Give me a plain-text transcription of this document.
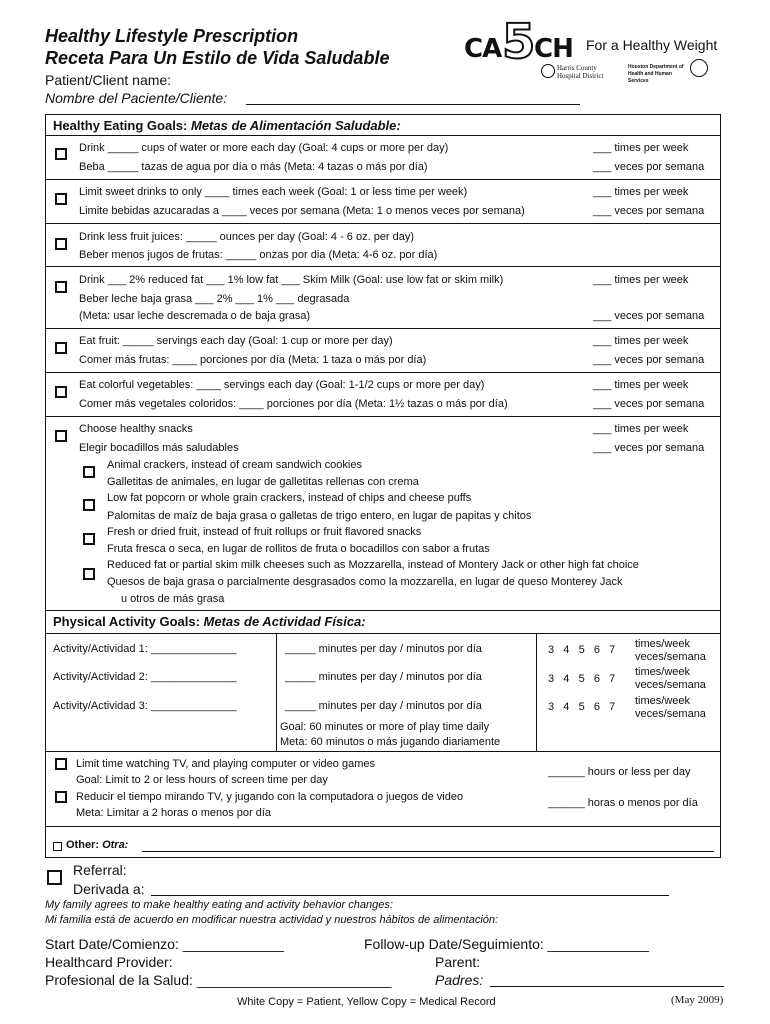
Healthy Lifestyle Prescription
Receta Para Un Estilo de Vida Saludable
Patient/Client name:
Nombre del Paciente/Cliente:
CA 5 CH For a Healthy Weight
Harris County Hospital District
Houston Department of Health and Human Services
Healthy Eating Goals: Metas de Alimentación Saludable:
Drink _____ cups of water or more each day (Goal: 4 cups or more per day)
Beba _____ tazas de agua por día o más (Meta: 4 tazas o más por día)
___ times per week
___ veces por semana
Limit sweet drinks to only ____ times each week (Goal: 1 or less time per week)
Limite bebidas azucaradas a ____ veces por semana (Meta: 1 o menos veces por semana)
___ times per week
___ veces por semana
Drink less fruit juices: _____ ounces per day (Goal: 4 - 6 oz. per day)
Beber menos jugos de frutas: _____ onzas por dia (Meta: 4-6 oz. por día)
Drink ___ 2% reduced fat ___ 1% low fat ___ Skim Milk (Goal: use low fat or skim milk)
Beber leche baja grasa ___ 2% ___ 1% ___ degrasada
(Meta: usar leche descremada o de baja grasa)
___ times per week
___ veces por semana
Eat fruit: _____ servings each day (Goal: 1 cup or more per day)
Comer más frutas: ____ porciones por día (Meta: 1 taza o más por día)
___ times per week
___ veces por semana
Eat colorful vegetables: ____ servings each day (Goal: 1-1/2 cups or more per day)
Comer más vegetales coloridos: ____ porciones por día (Meta: 1½ tazas o más por día)
___ times per week
___ veces por semana
Choose healthy snacks
Elegir bocadillos más saludables
___ times per week
___ veces por semana
Animal crackers, instead of cream sandwich cookies
Galletitas de animales, en lugar de galletitas rellenas con crema
Low fat popcorn or whole grain crackers, instead of chips and cheese puffs
Palomitas de maíz de baja grasa o galletas de trigo entero, en lugar de papitas y chitos
Fresh or dried fruit, instead of fruit rollups or fruit flavored snacks
Fruta fresca o seca, en lugar de rollitos de fruta o bocadillos con sabor a frutas
Reduced fat or partial skim milk cheeses such as Mozzarella, instead of Montery Jack or other high fat choice
Quesos de baja grasa o parcialmente desgrasados como la mozzarella, en lugar de queso Monterey Jack
u otros de más grasa
Physical Activity Goals: Metas de Actividad Física:
Activity/Actividad 1: ______________	_____ minutes per day / minutos por día	3   4   5   6   7 times/week
veces/semana
Activity/Actividad 2: ______________	_____ minutes per day / minutos por día	3   4   5   6   7
times/week
veces/semana
Activity/Actividad 3: ______________	_____ minutes per day / minutos por día	3   4   5   6   7 times/week
veces/semana
Goal: 60 minutes or more of play time daily
Meta: 60 minutos o más jugando diariamente
Limit time watching TV, and playing computer or video games
Goal: Limit to 2 or less hours of screen time per day
Reducir el tiempo mirando TV, y jugando con la computadora o juegos de video
Meta: Limitar a 2 horas o menos por día
______ hours or less per day
______ horas o menos por día
Other: Otra:
Referral:
Derivada a:
My family agrees to make healthy eating and activity behavior changes:
Mi familia está de acuerdo en modificar nuestra actividad y nuestros hábitos de alimentación:
Start Date/Comienzo: _____________	Follow-up Date/Seguimiento: _____________
Healthcard Provider:
Profesional de la Salud: _________________________
Parent:
Padres:
White Copy = Patient, Yellow Copy = Medical Record	(May 2009)
